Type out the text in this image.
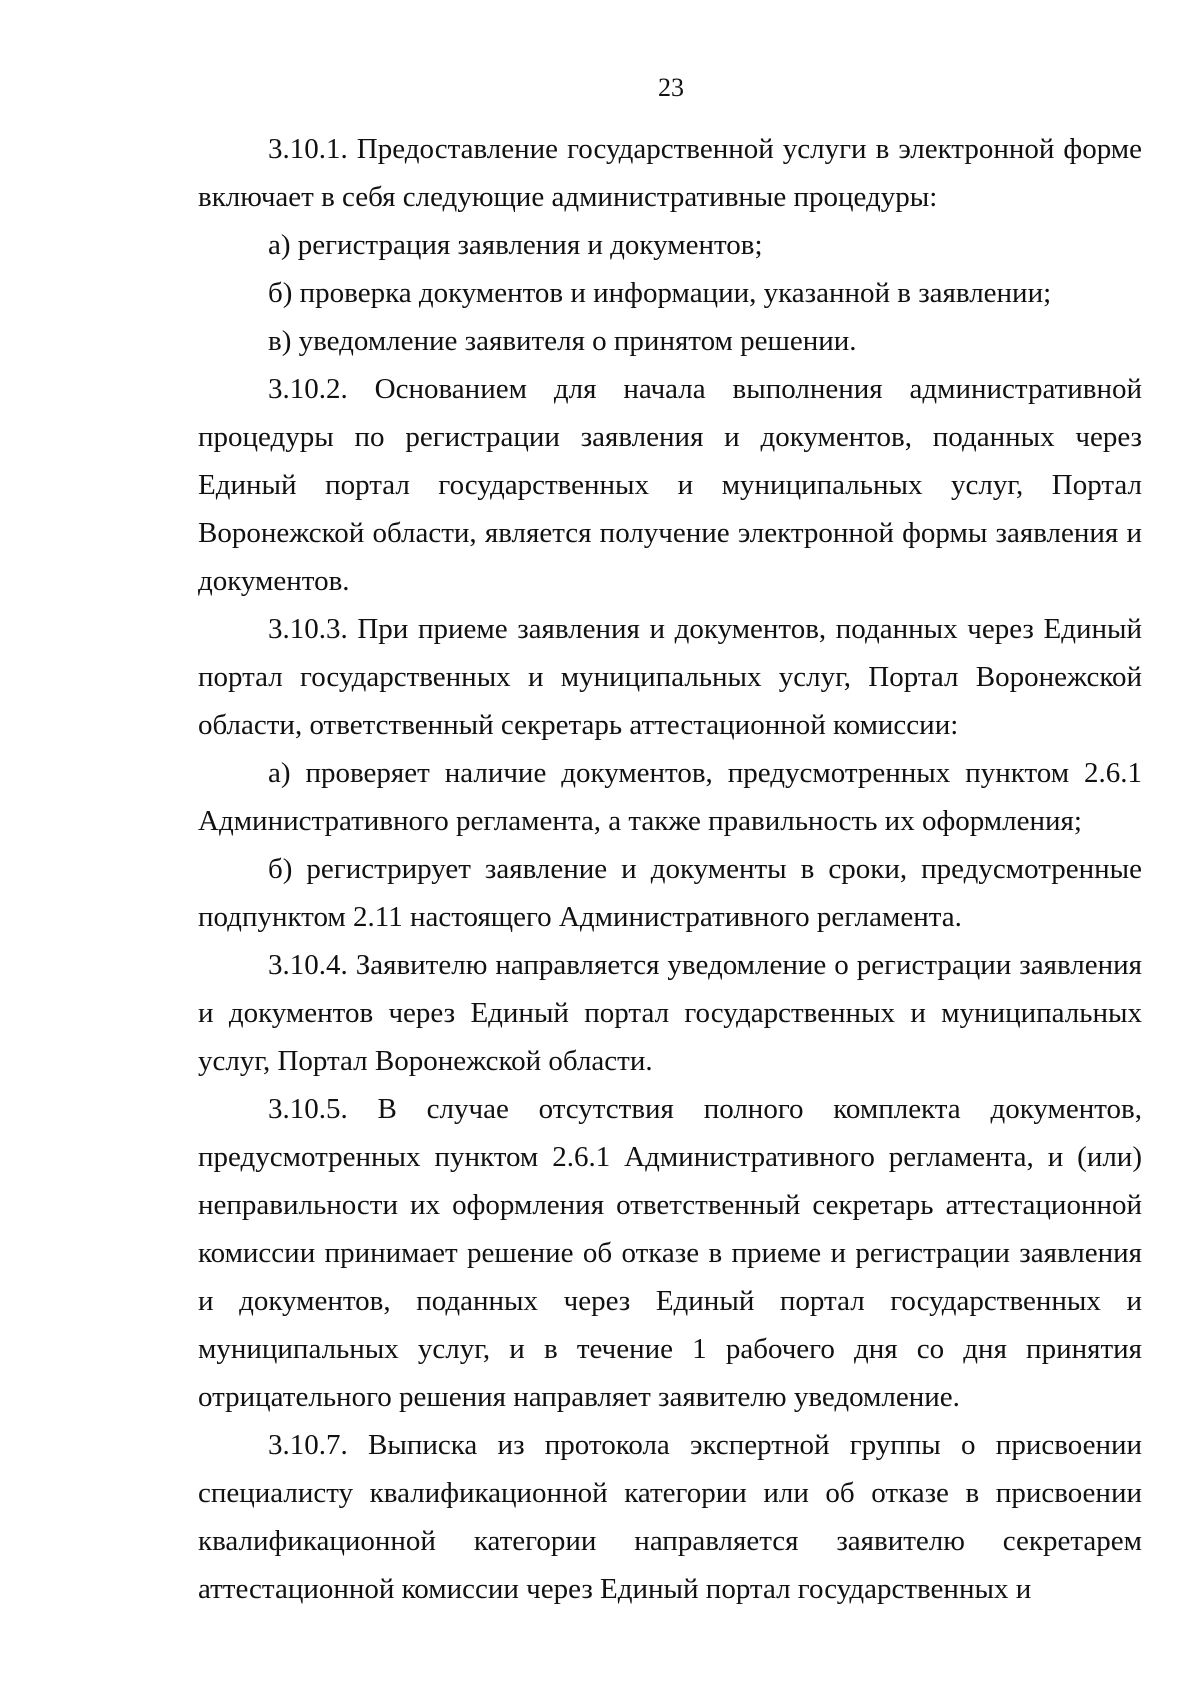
23

3.10.1. Предоставление государственной услуги в электронной форме включает в себя следующие административные процедуры:

а) регистрация заявления и документов;

б) проверка документов и информации, указанной в заявлении;

в) уведомление заявителя о принятом решении.

3.10.2. Основанием для начала выполнения административной процедуры по регистрации заявления и документов, поданных через Единый портал государственных и муниципальных услуг, Портал Воронежской области, является получение электронной формы заявления и документов.

3.10.3. При приеме заявления и документов, поданных через Единый портал государственных и муниципальных услуг, Портал Воронежской области, ответственный секретарь аттестационной комиссии:

а) проверяет наличие документов, предусмотренных пунктом 2.6.1 Административного регламента, а также правильность их оформления;

б) регистрирует заявление и документы в сроки, предусмотренные подпунктом 2.11 настоящего Административного регламента.

3.10.4. Заявителю направляется уведомление о регистрации заявления и документов через Единый портал государственных и муниципальных услуг, Портал Воронежской области.

3.10.5. В случае отсутствия полного комплекта документов, предусмотренных пунктом 2.6.1 Административного регламента, и (или) неправильности их оформления ответственный секретарь аттестационной комиссии принимает решение об отказе в приеме и регистрации заявления и документов, поданных через Единый портал государственных и муниципальных услуг, и в течение 1 рабочего дня со дня принятия отрицательного решения направляет заявителю уведомление.

3.10.7. Выписка из протокола экспертной группы о присвоении специалисту квалификационной категории или об отказе в присвоении квалификационной категории направляется заявителю секретарем аттестационной комиссии через Единый портал государственных и
